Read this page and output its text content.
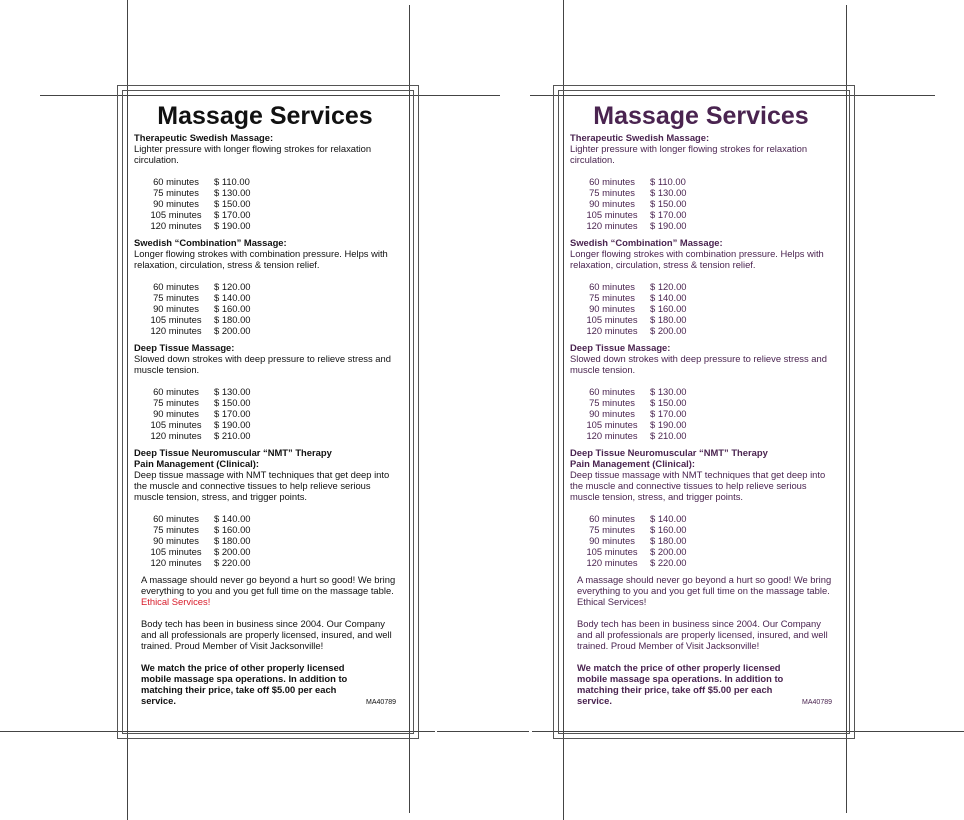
Massage Services
Therapeutic Swedish Massage:
Lighter pressure with longer flowing strokes for relaxation circulation.
60 minutes	$ 110.00
75 minutes	$ 130.00
90 minutes	$ 150.00
105 minutes	$ 170.00
120 minutes	$ 190.00
Swedish “Combination” Massage:
Longer flowing strokes with combination pressure. Helps with relaxation, circulation, stress & tension relief.
60 minutes	$ 120.00
75 minutes	$ 140.00
90 minutes	$ 160.00
105 minutes	$ 180.00
120 minutes	$ 200.00
Deep Tissue Massage:
Slowed down strokes with deep pressure to relieve stress and muscle tension.
60 minutes	$ 130.00
75 minutes	$ 150.00
90 minutes	$ 170.00
105 minutes	$ 190.00
120 minutes	$ 210.00
Deep Tissue Neuromuscular “NMT” Therapy
Pain Management (Clinical):
Deep tissue massage with NMT techniques that get deep into the muscle and connective tissues to help relieve serious muscle tension, stress, and trigger points.
60 minutes	$ 140.00
75 minutes	$ 160.00
90 minutes	$ 180.00
105 minutes	$ 200.00
120 minutes	$ 220.00
A massage should never go beyond a hurt so good! We bring everything to you and you get full time on the massage table. Ethical Services!
Body tech has been in business since 2004. Our Company and all professionals are properly licensed, insured, and well trained. Proud Member of Visit Jacksonville!
We match the price of other properly licensed mobile massage spa operations. In addition to matching their price, take off $5.00 per each service.	MA40789
Massage Services
Therapeutic Swedish Massage:
Lighter pressure with longer flowing strokes for relaxation circulation.
60 minutes	$ 110.00
75 minutes	$ 130.00
90 minutes	$ 150.00
105 minutes	$ 170.00
120 minutes	$ 190.00
Swedish “Combination” Massage:
Longer flowing strokes with combination pressure. Helps with relaxation, circulation, stress & tension relief.
60 minutes	$ 120.00
75 minutes	$ 140.00
90 minutes	$ 160.00
105 minutes	$ 180.00
120 minutes	$ 200.00
Deep Tissue Massage:
Slowed down strokes with deep pressure to relieve stress and muscle tension.
60 minutes	$ 130.00
75 minutes	$ 150.00
90 minutes	$ 170.00
105 minutes	$ 190.00
120 minutes	$ 210.00
Deep Tissue Neuromuscular “NMT” Therapy
Pain Management (Clinical):
Deep tissue massage with NMT techniques that get deep into the muscle and connective tissues to help relieve serious muscle tension, stress, and trigger points.
60 minutes	$ 140.00
75 minutes	$ 160.00
90 minutes	$ 180.00
105 minutes	$ 200.00
120 minutes	$ 220.00
A massage should never go beyond a hurt so good! We bring everything to you and you get full time on the massage table. Ethical Services!
Body tech has been in business since 2004. Our Company and all professionals are properly licensed, insured, and well trained. Proud Member of Visit Jacksonville!
We match the price of other properly licensed mobile massage spa operations. In addition to matching their price, take off $5.00 per each service.	MA40789
